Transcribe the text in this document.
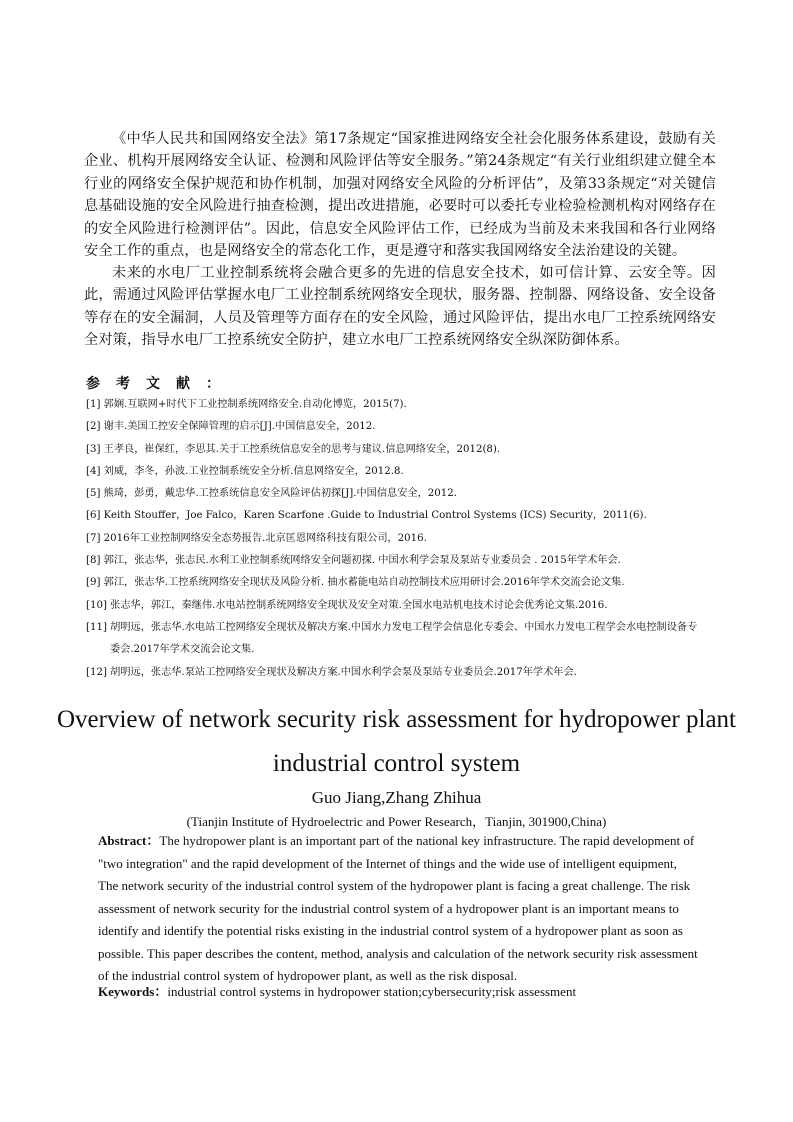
《中华人民共和国网络安全法》第17条规定“国家推进网络安全社会化服务体系建设，鼓励有关企业、机构开展网络安全认证、检测和风险评估等安全服务。”第24条规定“有关行业组织建立健全本行业的网络安全保护规范和协作机制，加强对网络安全风险的分析评估”，及第33条规定“对关键信息基础设施的安全风险进行抽查检测，提出改进措施，必要时可以委托专业检验检测机构对网络存在的安全风险进行检测评估”。因此，信息安全风险评估工作，已经成为当前及未来我国和各行业网络安全工作的重点，也是网络安全的常态化工作，更是遵守和落实我国网络安全法治建设的关键。

未来的水电厂工业控制系统将会融合更多的先进的信息安全技术，如可信计算、云安全等。因此，需通过风险评估掌握水电厂工业控制系统网络安全现状，服务器、控制器、网络设备、安全设备等存在的安全漏洞，人员及管理等方面存在的安全风险，通过风险评估，提出水电厂工控系统网络安全对策，指导水电厂工控系统安全防护，建立水电厂工控系统网络安全纵深防御体系。

参考文献：
[1] 郭娴.互联网+时代下工业控制系统网络安全.自动化博览，2015(7).
[2] 谢丰.美国工控安全保障管理的启示[J].中国信息安全，2012.
[3] 王孝良，崔保红，李思其.关于工控系统信息安全的思考与建议.信息网络安全，2012(8).
[4] 刘威，李冬，孙波.工业控制系统安全分析.信息网络安全，2012.8.
[5] 熊琦，彭勇，戴忠华.工控系统信息安全风险评估初探[J].中国信息安全，2012.
[6] Keith Stouffer，Joe Falco，Karen Scarfone .Guide to Industrial Control Systems (ICS) Security，2011(6).
[7] 2016年工业控制网络安全态势报告.北京匡恩网络科技有限公司，2016.
[8] 郭江，张志华，张志民.水利工业控制系统网络安全问题初探. 中国水利学会泵及泵站专业委员会 . 2015年学术年会.
[9] 郭江，张志华.工控系统网络安全现状及风险分析. 抽水蓄能电站自动控制技术应用研讨会.2016年学术交流会论文集.
[10] 张志华，郭江，秦继伟.水电站控制系统网络安全现状及安全对策.全国水电站机电技术讨论会优秀论文集.2016.
[11] 胡明远，张志华.水电站工控网络安全现状及解决方案.中国水力发电工程学会信息化专委会、中国水力发电工程学会水电控制设备专委会.2017年学术交流会论文集.
[12] 胡明远，张志华.泵站工控网络安全现状及解决方案.中国水利学会泵及泵站专业委员会.2017年学术年会.
Overview of network security risk assessment for hydropower plant
industrial control system

Guo Jiang,Zhang Zhihua

(Tianjin Institute of Hydroelectric and Power Research，Tianjin, 301900,China)

Abstract：The hydropower plant is an important part of the national key infrastructure. The rapid development of "two integration" and the rapid development of the Internet of things and the wide use of intelligent equipment, The network security of the industrial control system of the hydropower plant is facing a great challenge. The risk assessment of network security for the industrial control system of a hydropower plant is an important means to identify and identify the potential risks existing in the industrial control system of a hydropower plant as soon as possible. This paper describes the content, method, analysis and calculation of the network security risk assessment of the industrial control system of hydropower plant, as well as the risk disposal.

Keywords：industrial control systems in hydropower station;cybersecurity;risk assessment
